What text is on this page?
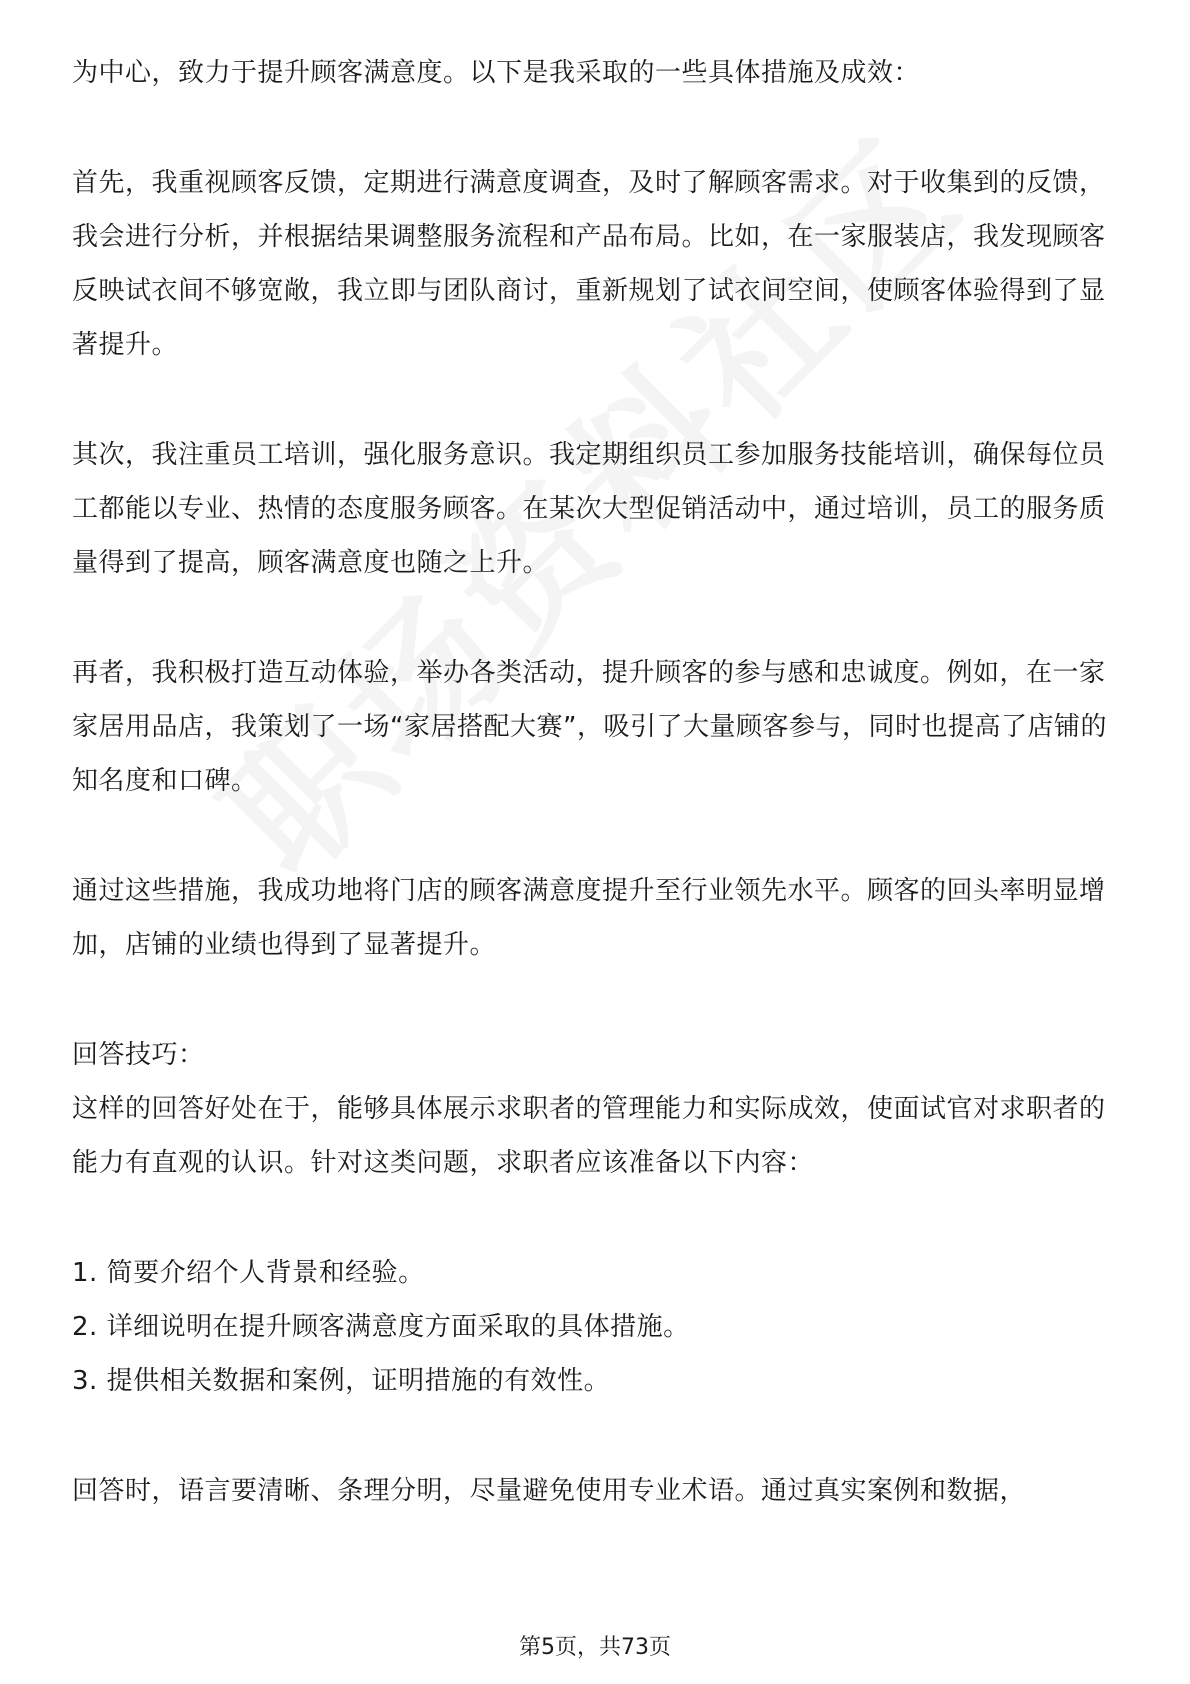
为中心，致力于提升顾客满意度。以下是我采取的一些具体措施及成效：

首先，我重视顾客反馈，定期进行满意度调查，及时了解顾客需求。对于收集到的反馈，我会进行分析，并根据结果调整服务流程和产品布局。比如，在一家服装店，我发现顾客反映试衣间不够宽敞，我立即与团队商讨，重新规划了试衣间空间，使顾客体验得到了显著提升。

其次，我注重员工培训，强化服务意识。我定期组织员工参加服务技能培训，确保每位员工都能以专业、热情的态度服务顾客。在某次大型促销活动中，通过培训，员工的服务质量得到了提高，顾客满意度也随之上升。

再者，我积极打造互动体验，举办各类活动，提升顾客的参与感和忠诚度。例如，在一家家居用品店，我策划了一场“家居搭配大赛”，吸引了大量顾客参与，同时也提高了店铺的知名度和口碑。

通过这些措施，我成功地将门店的顾客满意度提升至行业领先水平。顾客的回头率明显增加，店铺的业绩也得到了显著提升。

回答技巧：

这样的回答好处在于，能够具体展示求职者的管理能力和实际成效，使面试官对求职者的能力有直观的认识。针对这类问题，求职者应该准备以下内容：

1. 简要介绍个人背景和经验。

2. 详细说明在提升顾客满意度方面采取的具体措施。

3. 提供相关数据和案例，证明措施的有效性。

回答时，语言要清晰、条理分明，尽量避免使用专业术语。通过真实案例和数据，

第5页，共73页
